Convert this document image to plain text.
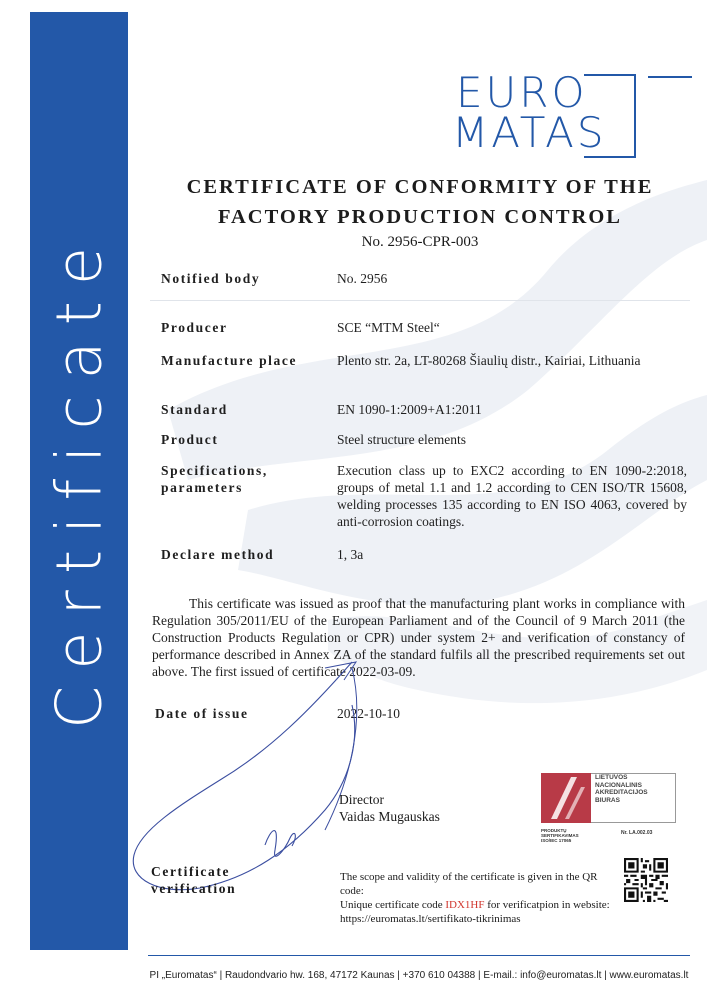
Certificate
EURO
MATAS
CERTIFICATE OF CONFORMITY OF THE
FACTORY PRODUCTION CONTROL
No. 2956-CPR-003
Notified body	No. 2956
Producer	SCE “MTM Steel“
Manufacture place	Plento str. 2a, LT-80268 Šiaulių distr., Kairiai, Lithuania
Standard	EN 1090-1:2009+A1:2011
Product	Steel structure elements
Specifications,
parameters
Execution class up to EXC2 according to EN 1090-2:2018, groups of metal 1.1 and 1.2 according to CEN ISO/TR 15608, welding processes 135 according to EN ISO 4063, covered by anti-corrosion coatings.
Declare method	1, 3a
This certificate was issued as proof that the manufacturing plant works in compliance with Regulation 305/2011/EU of the European Parliament and of the Council of 9 March 2011 (the Construction Products Regulation or CPR) under system 2+ and verification of constancy of performance described in Annex ZA of the standard fulfils all the prescribed requirements set out above. The first issued of certificate 2022-03-09.
Date of issue	2022-10-10
Director
Vaidas Mugauskas
LIETUVOS
NACIONALINIS
AKREDITACIJOS
BIURAS
PRODUKTŲ SERTIFIKAVIMAS
ISO/IEC 17065
Nr. LA.002.03
Certificate
verification
The scope and validity of the certificate is given in the QR code:
Unique certificate code IDX1HF for verificatpion in website:
https://euromatas.lt/sertifikato-tikrinimas
PI „Euromatas“ | Raudondvario hw. 168, 47172 Kaunas | +370 610 04388 | E-mail.: info@euromatas.lt | www.euromatas.lt
